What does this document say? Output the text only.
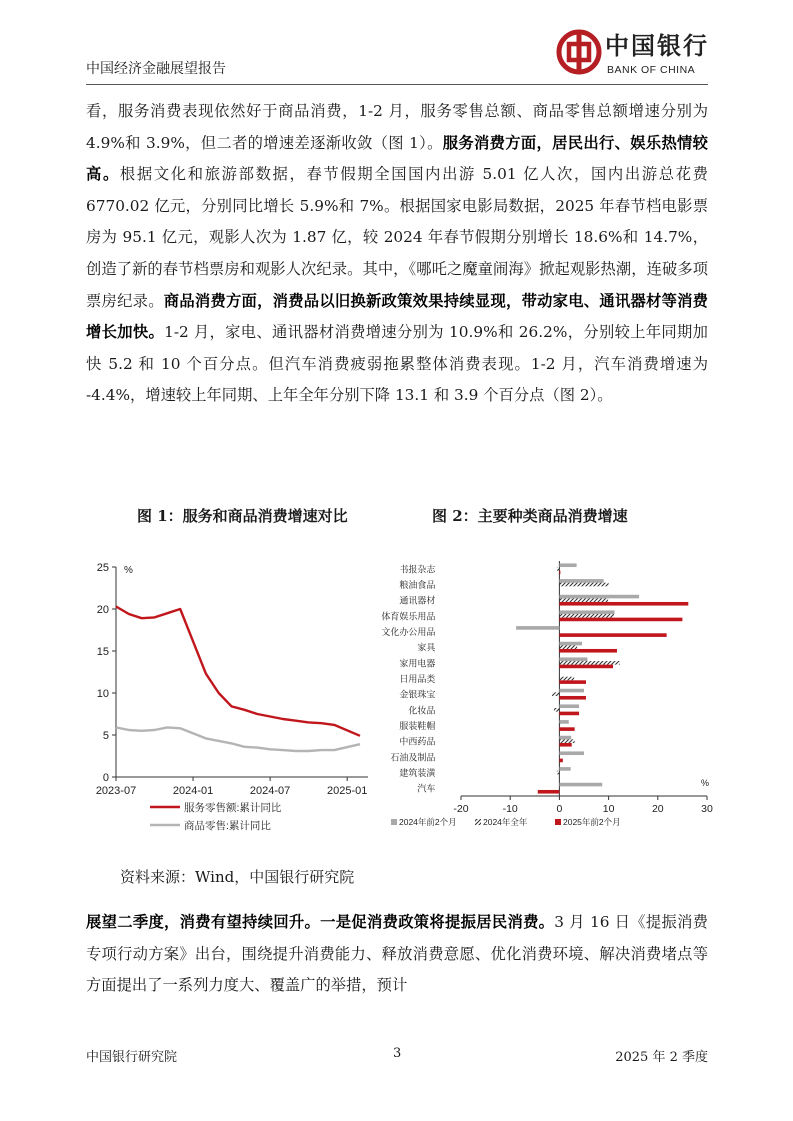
中国经济金融展望报告
中国银行
BANK OF CHINA
看，服务消费表现依然好于商品消费，1-2 月，服务零售总额、商品零售总额增速分别为 4.9%和 3.9%，但二者的增速差逐渐收敛（图 1）。服务消费方面，居民出行、娱乐热情较高。根据文化和旅游部数据，春节假期全国国内出游 5.01 亿人次，国内出游总花费 6770.02 亿元，分别同比增长 5.9%和 7%。根据国家电影局数据，2025 年春节档电影票房为 95.1 亿元，观影人次为 1.87 亿，较 2024 年春节假期分别增长 18.6%和 14.7%，创造了新的春节档票房和观影人次纪录。其中，《哪吒之魔童闹海》掀起观影热潮，连破多项票房纪录。商品消费方面，消费品以旧换新政策效果持续显现，带动家电、通讯器材等消费增长加快。1-2 月，家电、通讯器材消费增速分别为 10.9%和 26.2%，分别较上年同期加快 5.2 和 10 个百分点。但汽车消费疲弱拖累整体消费表现。1-2 月，汽车消费增速为 -4.4%，增速较上年同期、上年全年分别下降 13.1 和 3.9 个百分点（图 2）。
图 1：服务和商品消费增速对比	图 2：主要种类商品消费增速
0
5
10
15
20
25 %
2023-07	2024-01	2024-07	2025-01
服务零售额:累计同比
商品零售:累计同比
-20	-10	0	10	20	30
%
书报杂志
粮油食品
通讯器材
体育娱乐用品
文化办公用品
家具
家用电器
日用品类
金银珠宝
化妆品
服装鞋帽
中西药品
石油及制品
建筑装潢
汽车
2024年前2个月	2024年全年	2025年前2个月
资料来源：Wind，中国银行研究院
展望二季度，消费有望持续回升。一是促消费政策将提振居民消费。3 月 16 日《提振消费专项行动方案》出台，围绕提升消费能力、释放消费意愿、优化消费环境、解决消费堵点等方面提出了一系列力度大、覆盖广的举措，预计
中国银行研究院	3	2025 年 2 季度
